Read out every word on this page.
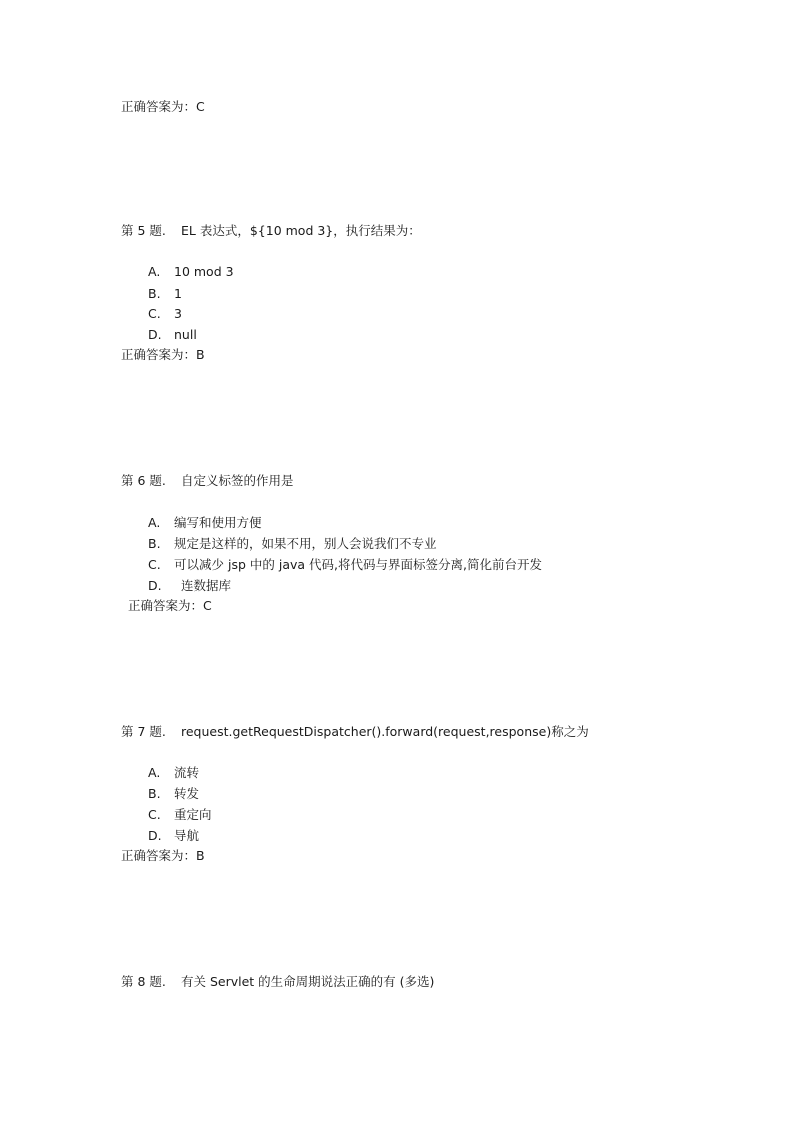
正确答案为：C
第 5 题. EL 表达式，${10 mod 3}，执行结果为：
A. 10 mod 3
B. 1
C. 3
D. null
正确答案为：B
第 6 题. 自定义标签的作用是
A. 编写和使用方便
B. 规定是这样的，如果不用，别人会说我们不专业
C. 可以减少 jsp 中的 java 代码,将代码与界面标签分离,简化前台开发
D. 连数据库
正确答案为：C
第 7 题. request.getRequestDispatcher().forward(request,response)称之为
A. 流转
B. 转发
C. 重定向
D. 导航
正确答案为：B
第 8 题. 有关 Servlet 的生命周期说法正确的有 (多选)
